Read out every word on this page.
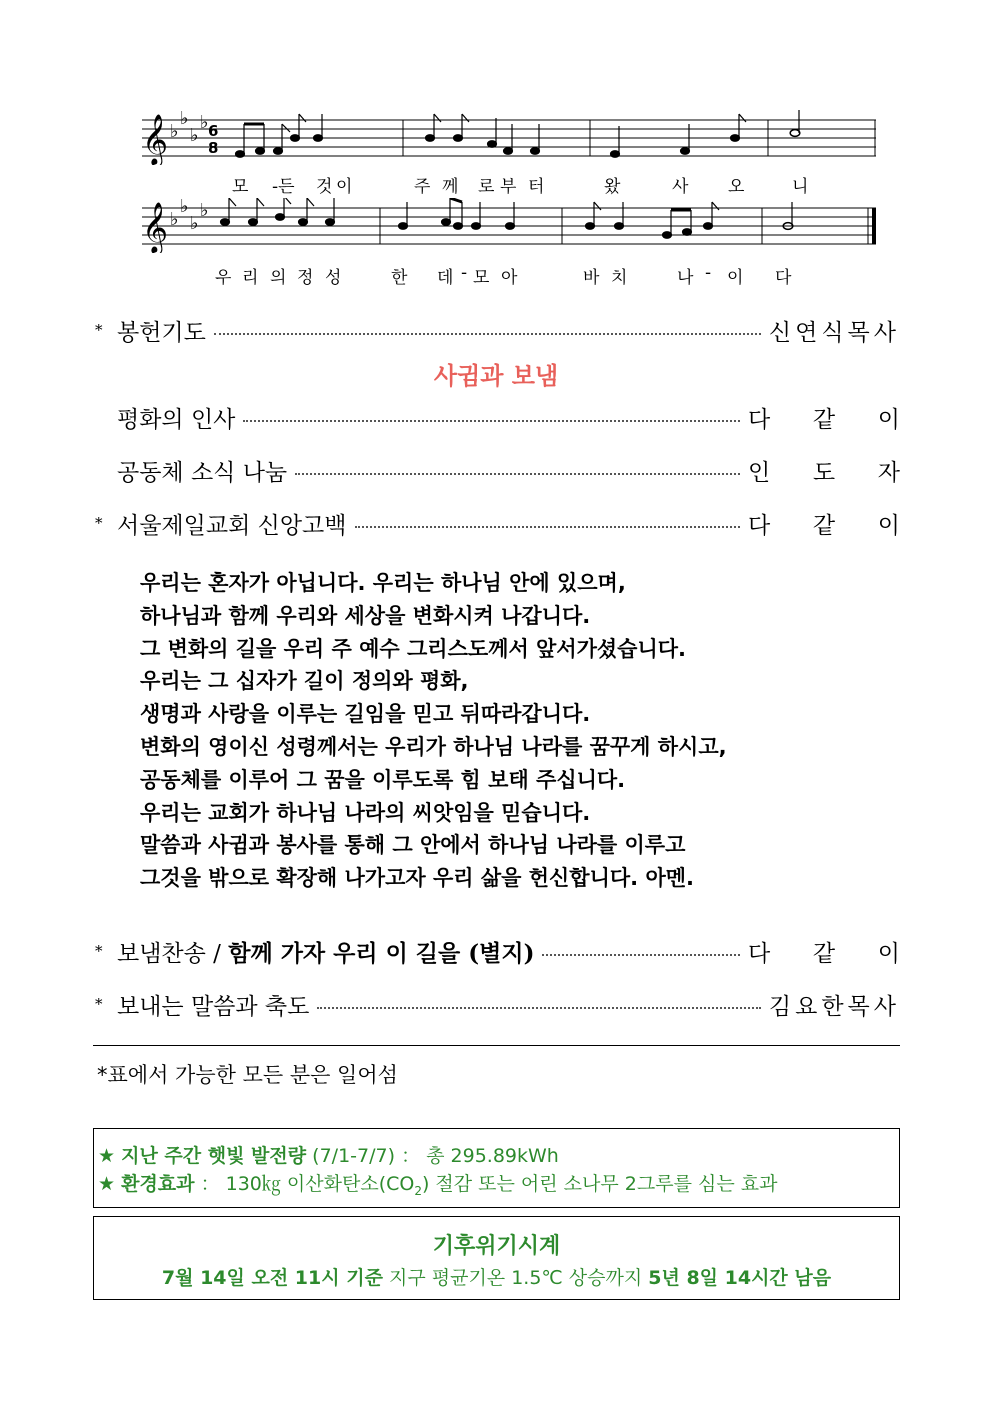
𝄞 ♭
♭
♭
♭ 6
8
모 -든 것 이	주 께 로 부 터	왔	사 오	니
𝄞 ♭
♭
♭
♭
우 리 의 정 성	한 데 - 모 아	바 치	나 - 이 다
* 봉헌기도	신연식목사
사귐과 보냄
평화의 인사	다 같 이
공동체 소식 나눔	인 도 자
* 서울제일교회 신앙고백	다 같 이
우리는 혼자가 아닙니다. 우리는 하나님 안에 있으며,
하나님과 함께 우리와 세상을 변화시켜 나갑니다.
그 변화의 길을 우리 주 예수 그리스도께서 앞서가셨습니다.
우리는 그 십자가 길이 정의와 평화,
생명과 사랑을 이루는 길임을 믿고 뒤따라갑니다.
변화의 영이신 성령께서는 우리가 하나님 나라를 꿈꾸게 하시고,
공동체를 이루어 그 꿈을 이루도록 힘 보태 주십니다.
우리는 교회가 하나님 나라의 씨앗임을 믿습니다.
말씀과 사귐과 봉사를 통해 그 안에서 하나님 나라를 이루고
그것을 밖으로 확장해 나가고자 우리 삶을 헌신합니다. 아멘.
* 보냄찬송 / 함께 가자 우리 이 길을 (별지)	다 같 이
* 보내는 말씀과 축도	김요한목사
*표에서 가능한 모든 분은 일어섬
★ 지난 주간 햇빛 발전량 (7/1-7/7) ： 총 295.89kWh
★ 환경효과 ： 130㎏ 이산화탄소$(CO_2)$ 절감 또는 어린 소나무 2그루를 심는 효과
기후위기시계
7월 14일 오전 11시 기준 지구 평균기온 1.5℃ 상승까지 5년 8일 14시간 남음
